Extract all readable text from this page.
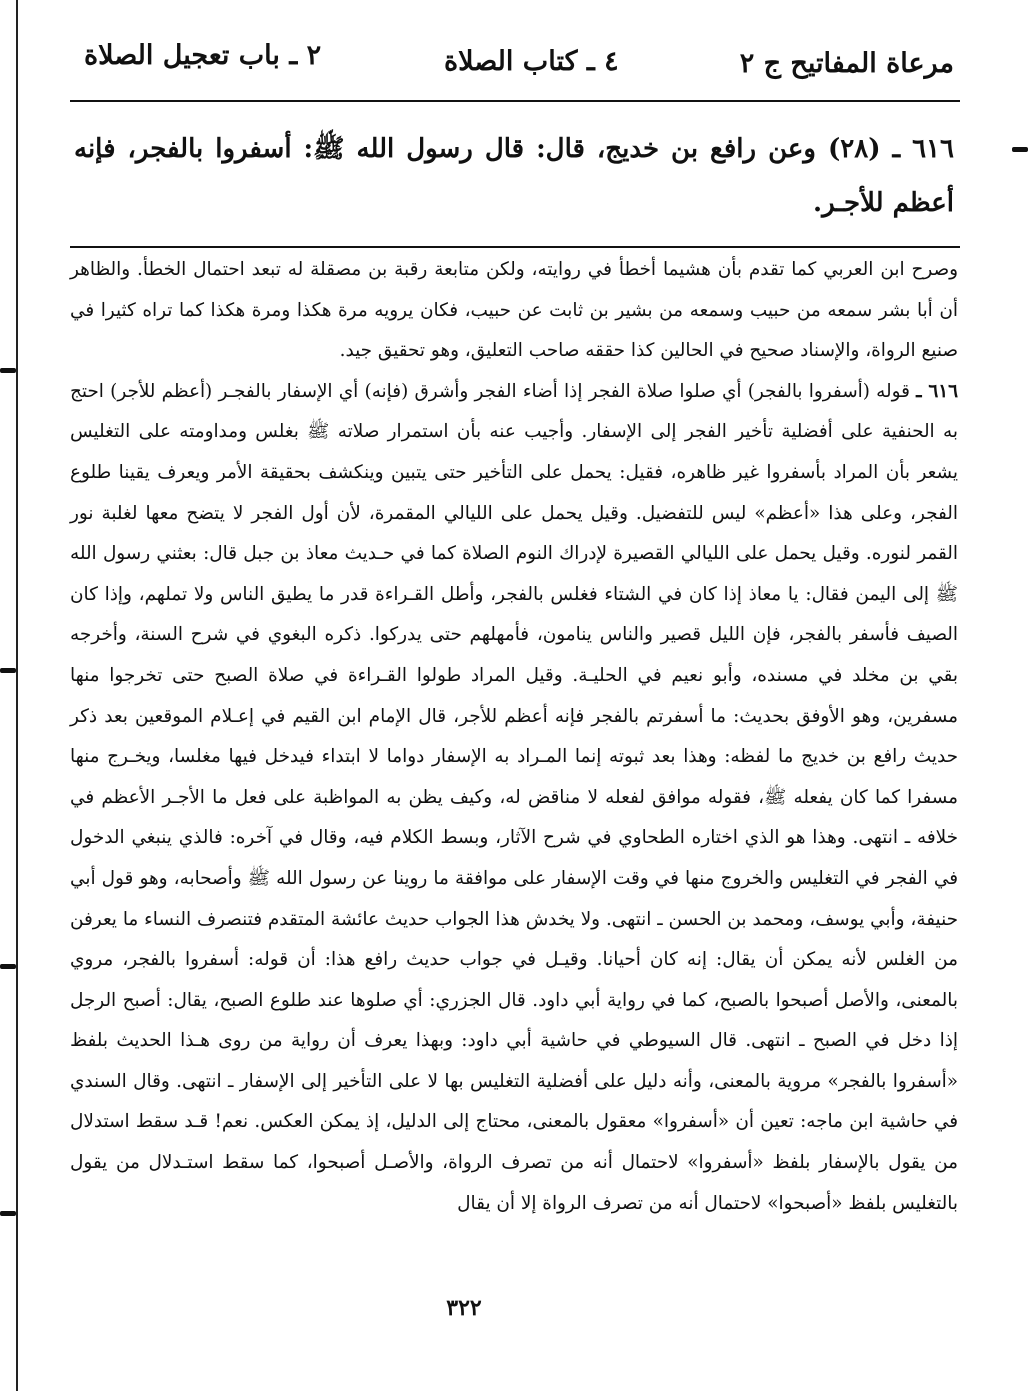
مرعاة المفاتيح ج ٢
٤ ـ كتاب الصلاة
٢ ـ باب تعجيل الصلاة
٦١٦ ـ (٢٨) وعن رافع بن خديج، قال: قال رسول الله ﷺ: أسفروا بالفجر، فإنه أعظم للأجـر.

وصرح ابن العربي كما تقدم بأن هشيما أخطأ في روايته، ولكن متابعة رقبة بن مصقلة له تبعد احتمال الخطأ. والظاهر أن أبا بشر سمعه من حبيب وسمعه من بشير بن ثابت عن حبيب، فكان يرويه مرة هكذا ومرة هكذا كما تراه كثيرا في صنيع الرواة، والإسناد صحيح في الحالين كذا حققه صاحب التعليق، وهو تحقيق جيد.

٦١٦ ـ قوله (أسفروا بالفجر) أي صلوا صلاة الفجر إذا أضاء الفجر وأشرق (فإنه) أي الإسفار بالفجـر (أعظم للأجر) احتج به الحنفية على أفضلية تأخير الفجر إلى الإسفار. وأجيب عنه بأن استمرار صلاته ﷺ بغلس ومداومته على التغليس يشعر بأن المراد بأسفروا غير ظاهره، فقيل: يحمل على التأخير حتى يتبين وينكشف بحقيقة الأمر ويعرف يقينا طلوع الفجر، وعلى هذا «أعظم» ليس للتفضيل. وقيل يحمل على الليالي المقمرة، لأن أول الفجر لا يتضح معها لغلبة نور القمر لنوره. وقيل يحمل على الليالي القصيرة لإدراك النوم الصلاة كما في حـديث معاذ بن جبل قال: بعثني رسول الله ﷺ إلى اليمن فقال: يا معاذ إذا كان في الشتاء فغلس بالفجر، وأطل القـراءة قدر ما يطيق الناس ولا تملهم، وإذا كان الصيف فأسفر بالفجر، فإن الليل قصير والناس ينامون، فأمهلهم حتى يدركوا. ذكره البغوي في شرح السنة، وأخرجه بقي بن مخلد في مسنده، وأبو نعيم في الحليـة. وقيل المراد طولوا القـراءة في صلاة الصبح حتى تخرجوا منها مسفرين، وهو الأوفق بحديث: ما أسفرتم بالفجر فإنه أعظم للأجر، قال الإمام ابن القيم في إعـلام الموقعين بعد ذكر حديث رافع بن خديج ما لفظه: وهذا بعد ثبوته إنما المـراد به الإسفار دواما لا ابتداء فيدخل فيها مغلسا، ويخـرج منها مسفرا كما كان يفعله ﷺ، فقوله موافق لفعله لا مناقض له، وكيف يظن به المواظبة على فعل ما الأجـر الأعظم في خلافه ـ انتهى. وهذا هو الذي اختاره الطحاوي في شرح الآثار، وبسط الكلام فيه، وقال في آخره: فالذي ينبغي الدخول في الفجر في التغليس والخروج منها في وقت الإسفار على موافقة ما روينا عن رسول الله ﷺ وأصحابه، وهو قول أبي حنيفة، وأبي يوسف، ومحمد بن الحسن ـ انتهى. ولا يخدش هذا الجواب حديث عائشة المتقدم فتنصرف النساء ما يعرفن من الغلس لأنه يمكن أن يقال: إنه كان أحيانا. وقيـل في جواب حديث رافع هذا: أن قوله: أسفروا بالفجر، مروي بالمعنى، والأصل أصبحوا بالصبح، كما في رواية أبي داود. قال الجزري: أي صلوها عند طلوع الصبح، يقال: أصبح الرجل إذا دخل في الصبح ـ انتهى. قال السيوطي في حاشية أبي داود: وبهذا يعرف أن رواية من روى هـذا الحديث بلفظ «أسفروا بالفجر» مروية بالمعنى، وأنه دليل على أفضلية التغليس بها لا على التأخير إلى الإسفار ـ انتهى. وقال السندي في حاشية ابن ماجه: تعين أن «أسفروا» معقول بالمعنى، محتاج إلى الدليل، إذ يمكن العكس. نعم! قـد سقط استدلال من يقول بالإسفار بلفظ «أسفروا» لاحتمال أنه من تصرف الرواة، والأصـل أصبحوا، كما سقط استـدلال من يقول بالتغليس بلفظ «أصبحوا» لاحتمال أنه من تصرف الرواة إلا أن يقال

٣٢٢
